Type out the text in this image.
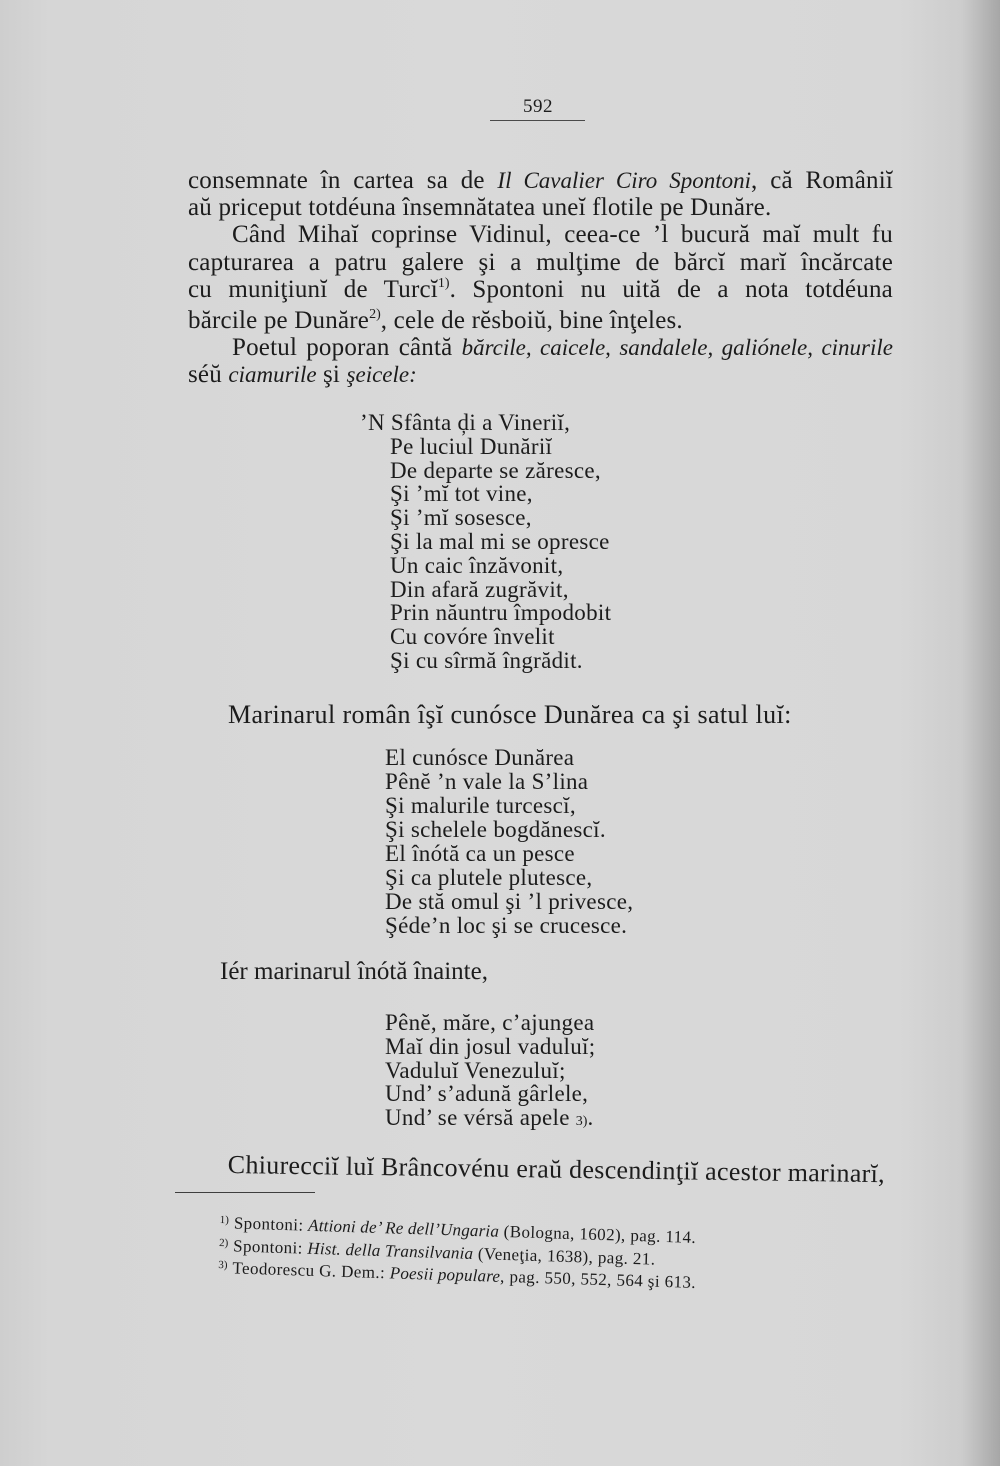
592
consemnate în cartea sa de Il Cavalier Ciro Spontoni, că Româniĭ
aŭ priceput totdéuna însemnătatea uneĭ flotile pe Dunăre.
Când Mihaĭ coprinse Vidinul, ceea-ce ’l bucură maĭ mult fu
capturarea a patru galere şi a mulţime de bărcĭ marĭ încărcate
cu muniţiunĭ de Turcĭ$^{1)}$. Spontoni nu uită de a nota totdéuna
bărcile pe Dunăre$^{2)}$, cele de rĕsboiŭ, bine înţeles.
Poetul poporan cântă bărcile, caicele, sandalele, galiónele, cinurile
séŭ ciamurile şi şeicele:
’N Sfânta ḑi a Vineriĭ,
Pe luciul Dunăriĭ
De departe se zăresce,
Şi ’mĭ tot vine,
Şi ’mĭ sosesce,
Şi la mal mi se opresce
Un caic înzăvonit,
Din afară zugrăvit,
Prin năuntru împodobit
Cu covóre învelit
Şi cu sîrmă îngrădit.
Marinarul român îşĭ cunósce Dunărea ca şi satul luĭ:
El cunósce Dunărea
Pênĕ ’n vale la S’lina
Şi malurile turcescĭ,
Şi schelele bogdănescĭ.
El înótă ca un pesce
Şi ca plutele plutesce,
De stă omul şi ’l privesce,
Şéde’n loc şi se crucesce.
Iér marinarul înótă înainte,
Pênĕ, măre, c’ajungea
Maĭ din josul vaduluĭ;
Vaduluĭ Venezuluĭ;
Und’ s’adună gârlele,
Und’ se vérsă apele 3).
Chiurecciĭ luĭ Brâncovénu eraŭ descendinţiĭ acestor marinarĭ,
$^{1)}$ Spontoni: Attioni de’ Re dell’Ungaria (Bologna, 1602), pag. 114.
$^{2)}$ Spontoni: Hist. della Transilvania (Veneţia, 1638), pag. 21.
$^{3)}$ Teodorescu G. Dem.: Poesii populare, pag. 550, 552, 564 şi 613.
